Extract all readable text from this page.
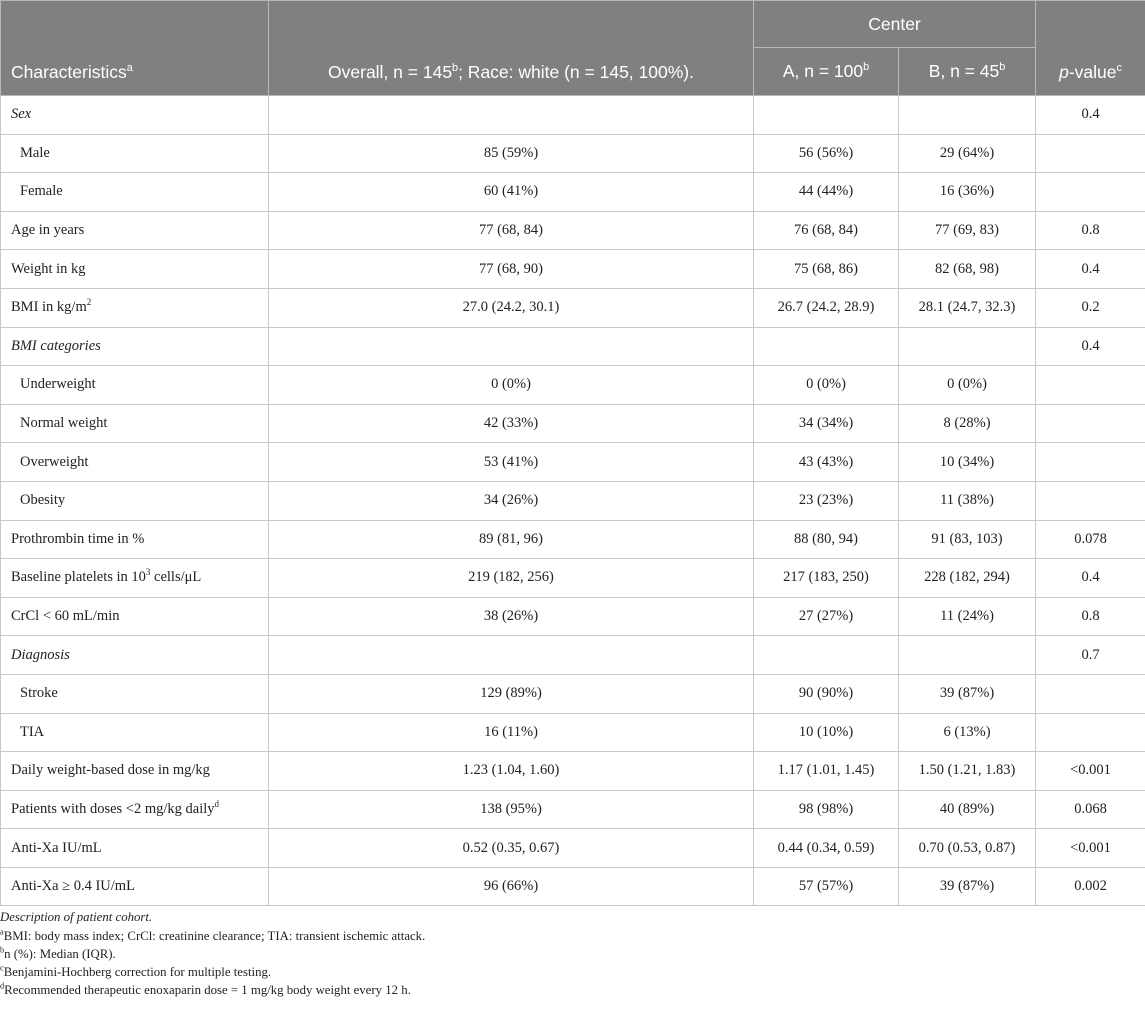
Characteristics$^a$	Overall, $n = 145^b$; Race: white (n = 145, 100%).	Center		p-value$^c$
		A, $n = 100^b$	B, $n = 45^b$
Sex				0.4
Male	85 (59%)	56 (56%)	29 (64%)	
Female	60 (41%)	44 (44%)	16 (36%)	
Age in years	77 (68, 84)	76 (68, 84)	77 (69, 83)	0.8
Weight in kg	77 (68, 90)	75 (68, 86)	82 (68, 98)	0.4
BMI in $kg/m^2$	27.0 (24.2, 30.1)	26.7 (24.2, 28.9)	28.1 (24.7, 32.3)	0.2
BMI categories				0.4
Underweight	0 (0%)	0 (0%)	0 (0%)	
Normal weight	42 (33%)	34 (34%)	8 (28%)	
Overweight	53 (41%)	43 (43%)	10 (34%)	
Obesity	34 (26%)	23 (23%)	11 (38%)	
Prothrombin time in %	89 (81, 96)	88 (80, 94)	91 (83, 103)	0.078
Baseline platelets in $10^3$ cells/μL	219 (182, 256)	217 (183, 250)	228 (182, 294)	0.4
CrCl < 60 mL/min	38 (26%)	27 (27%)	11 (24%)	0.8
Diagnosis				0.7
Stroke	129 (89%)	90 (90%)	39 (87%)	
TIA	16 (11%)	10 (10%)	6 (13%)	
Daily weight-based dose in mg/kg	1.23 (1.04, 1.60)	1.17 (1.01, 1.45)	1.50 (1.21, 1.83)	<0.001
Patients with doses <2 mg/kg daily$^d$	138 (95%)	98 (98%)	40 (89%)	0.068
Anti-Xa IU/mL	0.52 (0.35, 0.67)	0.44 (0.34, 0.59)	0.70 (0.53, 0.87)	<0.001
Anti-Xa ≥ 0.4 IU/mL	96 (66%)	57 (57%)	39 (87%)	0.002
Description of patient cohort.
$^a$BMI: body mass index; CrCl: creatinine clearance; TIA: transient ischemic attack.
$^b$n (%): Median (IQR).
$^c$Benjamini-Hochberg correction for multiple testing.
$^d$Recommended therapeutic enoxaparin dose = 1 mg/kg body weight every 12 h.
